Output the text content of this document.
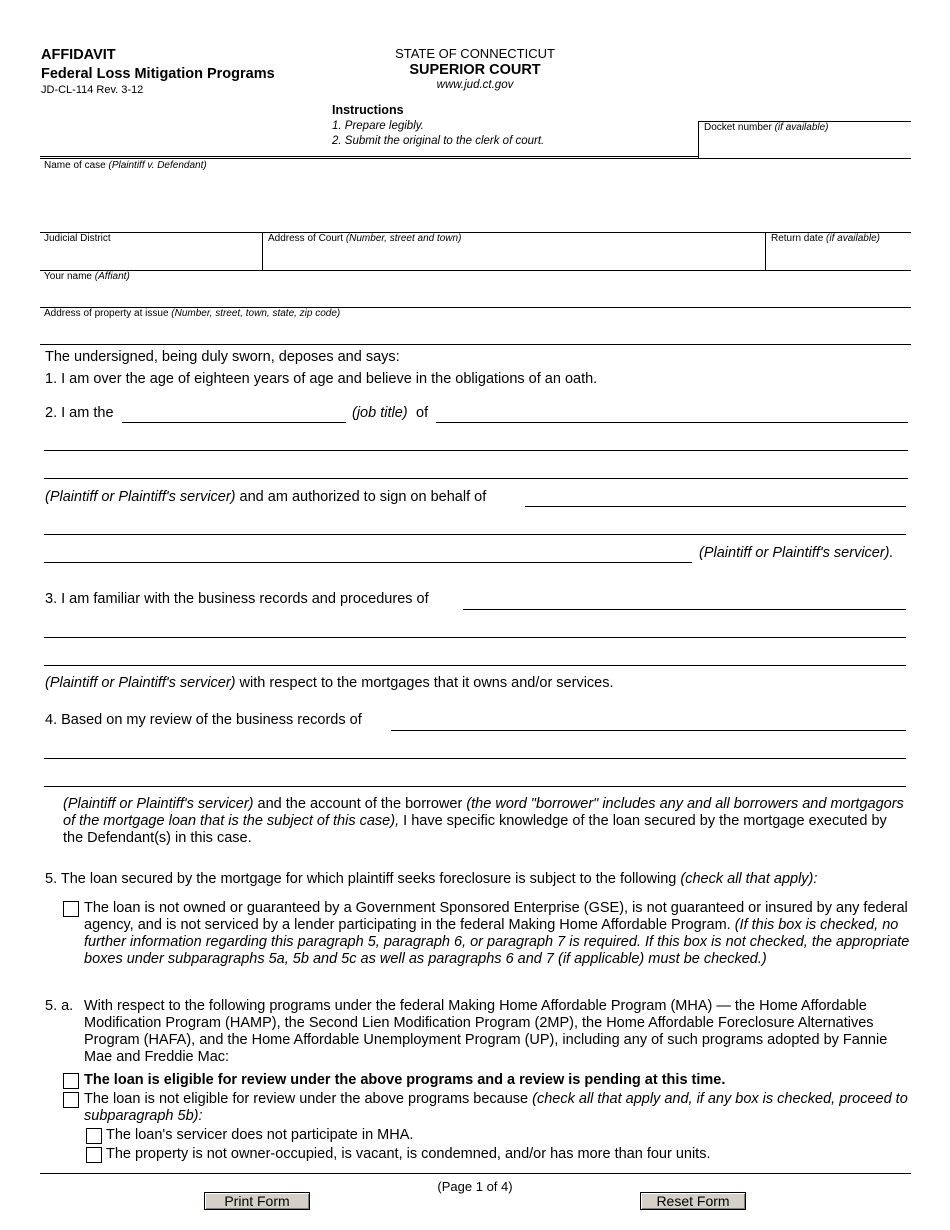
AFFIDAVIT
Federal Loss Mitigation Programs
JD-CL-114 Rev. 3-12
STATE OF CONNECTICUT
SUPERIOR COURT
www.jud.ct.gov
Instructions
1. Prepare legibly.
2. Submit the original to the clerk of court.
Docket number (if available)
Name of case (Plaintiff v. Defendant)
Judicial District	Address of Court (Number, street and town)	Return date (if available)
Your name (Affiant)
Address of property at issue (Number, street, town, state, zip code)
The undersigned, being duly sworn, deposes and says:
1. I am over the age of eighteen years of age and believe in the obligations of an oath.
2. I am the	(job title) of
(Plaintiff or Plaintiff's servicer) and am authorized to sign on behalf of
(Plaintiff or Plaintiff's servicer).
3. I am familiar with the business records and procedures of
(Plaintiff or Plaintiff's servicer) with respect to the mortgages that it owns and/or services.
4. Based on my review of the business records of
(Plaintiff or Plaintiff's servicer) and the account of the borrower (the word "borrower" includes any and all borrowers and mortgagors of the mortgage loan that is the subject of this case), I have specific knowledge of the loan secured by the mortgage executed by the Defendant(s) in this case.
5. The loan secured by the mortgage for which plaintiff seeks foreclosure is subject to the following (check all that apply):
The loan is not owned or guaranteed by a Government Sponsored Enterprise (GSE), is not guaranteed or insured by any federal agency, and is not serviced by a lender participating in the federal Making Home Affordable Program. (If this box is checked, no further information regarding this paragraph 5, paragraph 6, or paragraph 7 is required. If this box is not checked, the appropriate boxes under subparagraphs 5a, 5b and 5c as well as paragraphs 6 and 7 (if applicable) must be checked.)
5. a. With respect to the following programs under the federal Making Home Affordable Program (MHA) — the Home Affordable Modification Program (HAMP), the Second Lien Modification Program (2MP), the Home Affordable Foreclosure Alternatives Program (HAFA), and the Home Affordable Unemployment Program (UP), including any of such programs adopted by Fannie Mae and Freddie Mac:
The loan is eligible for review under the above programs and a review is pending at this time.
The loan is not eligible for review under the above programs because (check all that apply and, if any box is checked, proceed to subparagraph 5b):
The loan's servicer does not participate in MHA.
The property is not owner-occupied, is vacant, is condemned, and/or has more than four units.
(Page 1 of 4)
Print Form	Reset Form
